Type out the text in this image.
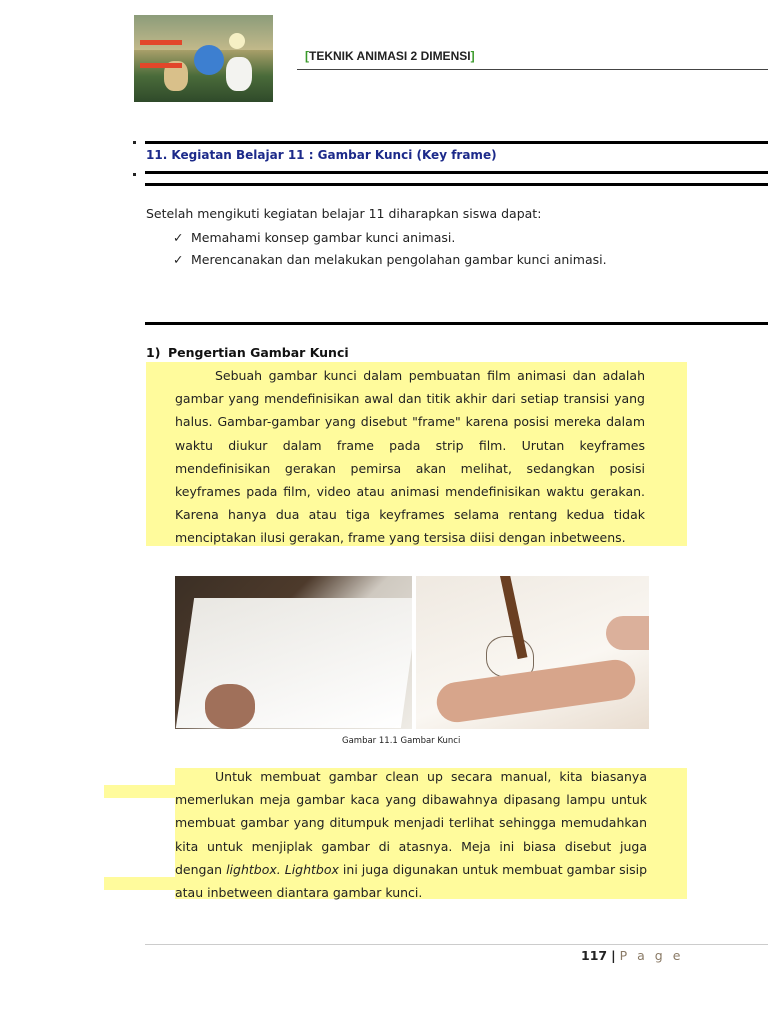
[TEKNIK ANIMASI 2 DIMENSI]
11. Kegiatan Belajar 11 : Gambar Kunci (Key frame)
Setelah mengikuti kegiatan belajar 11 diharapkan siswa dapat:
✓ Memahami konsep gambar kunci animasi.
✓ Merencanakan dan melakukan pengolahan gambar kunci animasi.
1) Pengertian Gambar Kunci
Sebuah gambar kunci dalam pembuatan film animasi dan adalah gambar yang mendefinisikan awal dan titik akhir dari setiap transisi yang halus. Gambar-gambar yang disebut "frame" karena posisi mereka dalam waktu diukur dalam frame pada strip film. Urutan keyframes mendefinisikan gerakan pemirsa akan melihat, sedangkan posisi keyframes pada film, video atau animasi mendefinisikan waktu gerakan. Karena hanya dua atau tiga keyframes selama rentang kedua tidak menciptakan ilusi gerakan, frame yang tersisa diisi dengan inbetweens.
Gambar 11.1 Gambar Kunci
Untuk membuat gambar clean up secara manual, kita biasanya memerlukan meja gambar kaca yang dibawahnya dipasang lampu untuk membuat gambar yang ditumpuk menjadi terlihat sehingga memudahkan kita untuk menjiplak gambar di atasnya. Meja ini biasa disebut juga dengan lightbox. Lightbox ini juga digunakan untuk membuat gambar sisip atau inbetween diantara gambar kunci.
117 | P a g e
